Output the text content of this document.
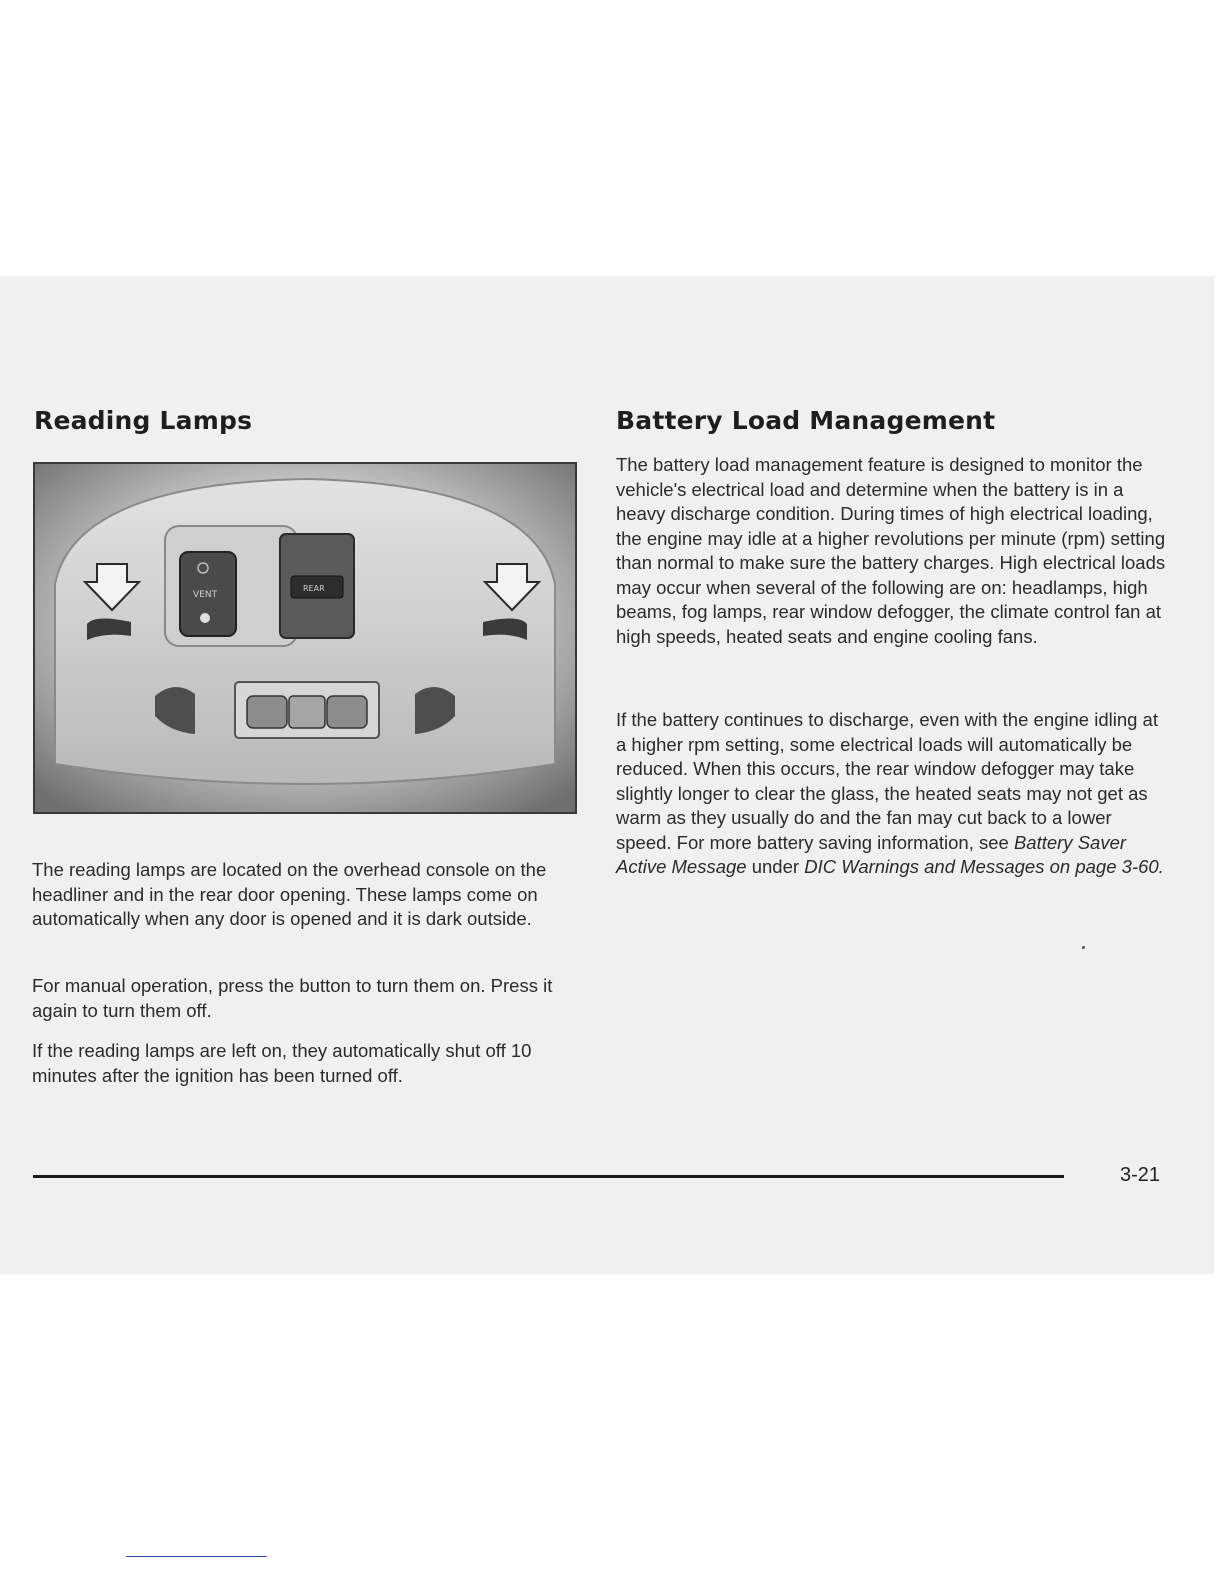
Reading Lamps
VENT
REAR

The reading lamps are located on the overhead console on the headliner and in the rear door opening. These lamps come on automatically when any door is opened and it is dark outside.

For manual operation, press the button to turn them on. Press it again to turn them off.

If the reading lamps are left on, they automatically shut off 10 minutes after the ignition has been turned off.

Battery Load Management

The battery load management feature is designed to monitor the vehicle's electrical load and determine when the battery is in a heavy discharge condition. During times of high electrical loading, the engine may idle at a higher revolutions per minute (rpm) setting than normal to make sure the battery charges. High electrical loads may occur when several of the following are on: headlamps, high beams, fog lamps, rear window defogger, the climate control fan at high speeds, heated seats and engine cooling fans.

If the battery continues to discharge, even with the engine idling at a higher rpm setting, some electrical loads will automatically be reduced. When this occurs, the rear window defogger may take slightly longer to clear the glass, the heated seats may not get as warm as they usually do and the fan may cut back to a lower speed. For more battery saving information, see Battery Saver Active Message under DIC Warnings and Messages on page 3-60.

3-21
